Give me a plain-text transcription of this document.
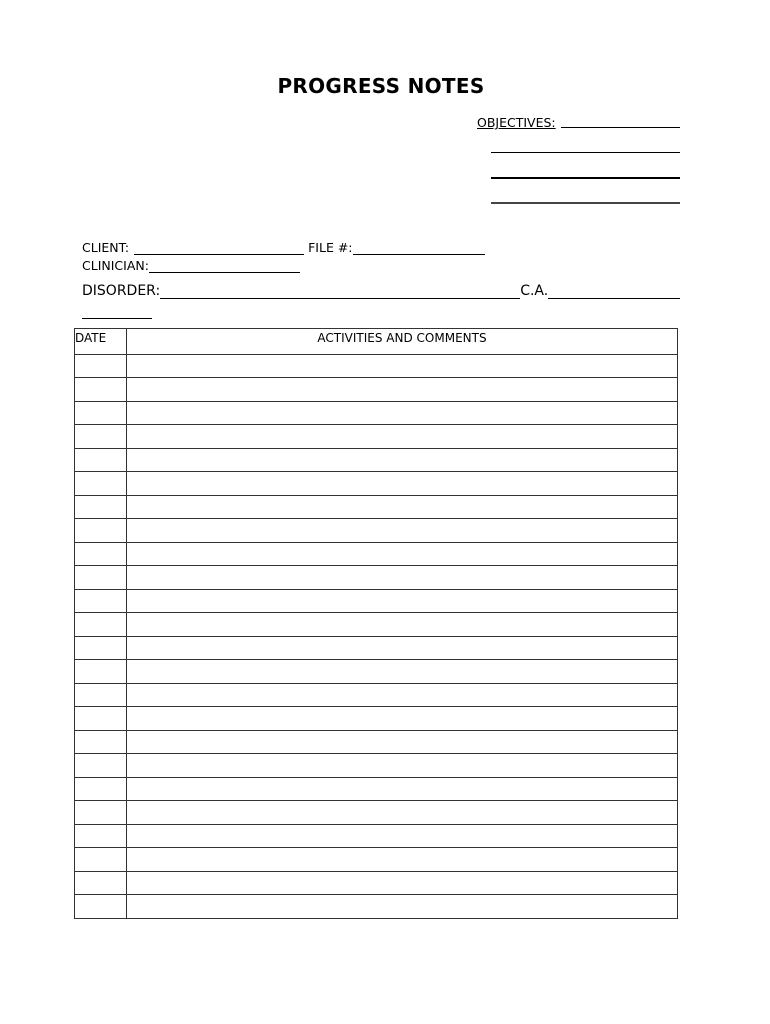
PROGRESS NOTES
OBJECTIVES:
CLIENT:	FILE #:
CLINICIAN:
DISORDER:	C.A.
DATE	ACTIVITIES AND COMMENTS
